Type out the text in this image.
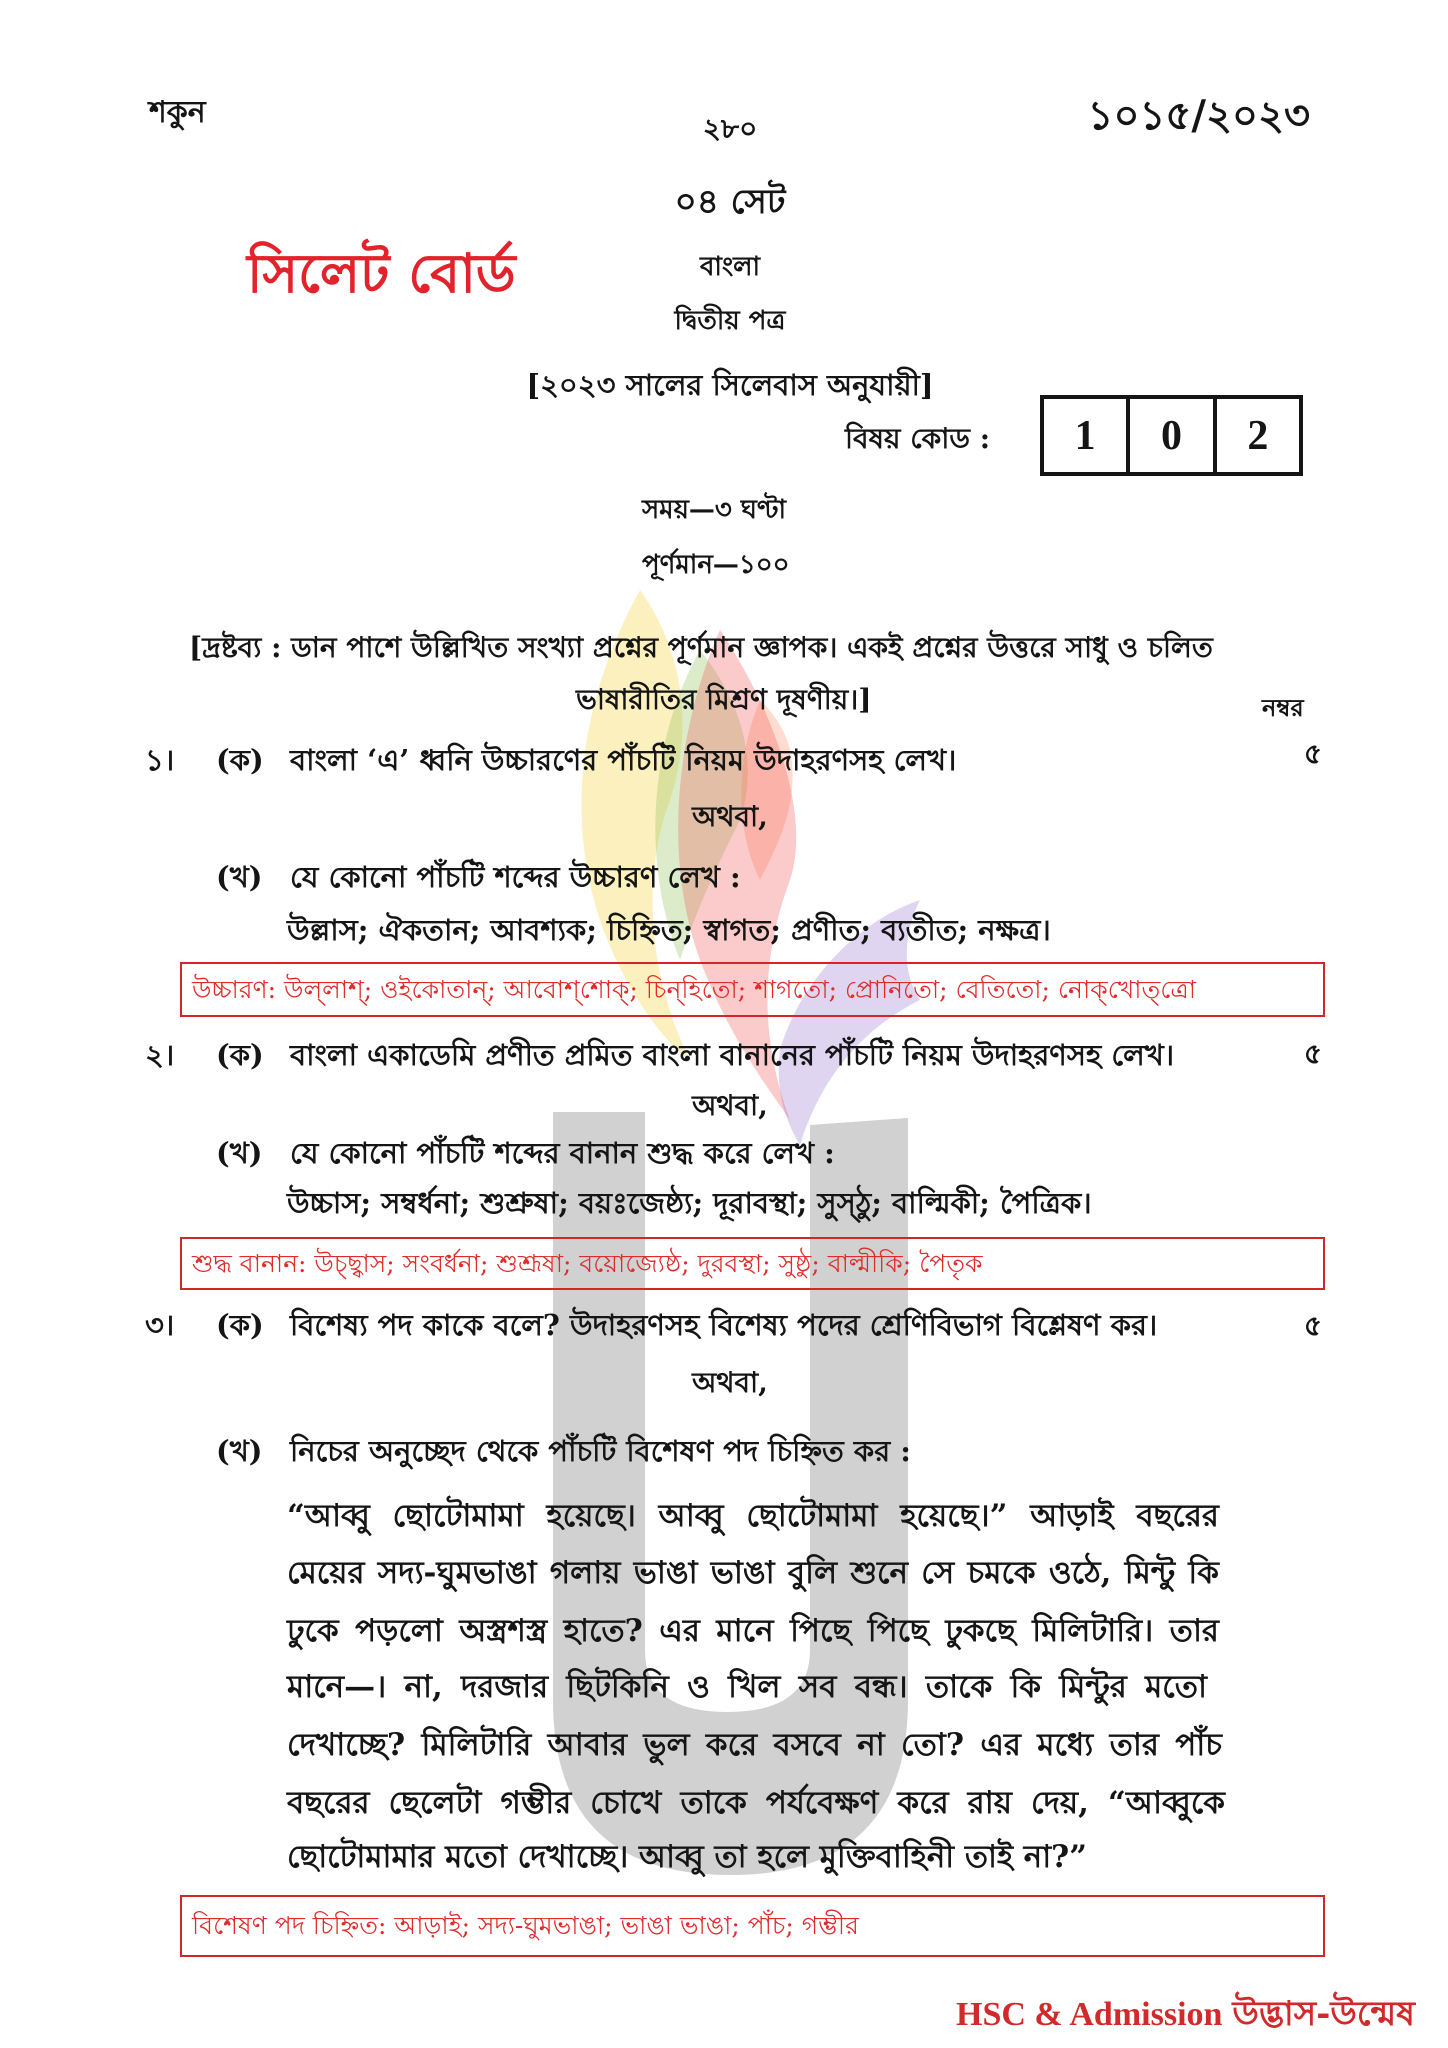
শকুন	২৮০	১০১৫/২০২৩
০৪ সেট
সিলেট বোর্ড	বাংলা
দ্বিতীয় পত্র
[২০২৩ সালের সিলেবাস অনুযায়ী]
বিষয় কোড :	1	0	2
সময়—৩ ঘণ্টা
পূর্ণমান—১০০
[দ্রষ্টব্য : ডান পাশে উল্লিখিত সংখ্যা প্রশ্নের পূর্ণমান জ্ঞাপক। একই প্রশ্নের উত্তরে সাধু ও চলিত
ভাষারীতির মিশ্রণ দূষণীয়।]	নম্বর
১।	(ক) বাংলা ‘এ’ ধ্বনি উচ্চারণের পাঁচটি নিয়ম উদাহরণসহ লেখ।	৫
অথবা,
(খ) যে কোনো পাঁচটি শব্দের উচ্চারণ লেখ :
উল্লাস; ঐকতান; আবশ্যক; চিহ্নিত; স্বাগত; প্রণীত; ব্যতীত; নক্ষত্র।
উচ্চারণ: উল্‌লাশ্‌; ওইকোতান্‌; আবোশ্‌শোক্‌; চিন্‌হিতো; শাগতো; প্রোনিতো; বেতিতো; নোক্‌খোত্‌ত্রো
২।	(ক) বাংলা একাডেমি প্রণীত প্রমিত বাংলা বানানের পাঁচটি নিয়ম উদাহরণসহ লেখ।	৫
অথবা,
(খ) যে কোনো পাঁচটি শব্দের বানান শুদ্ধ করে লেখ :
উচ্চাস; সম্বর্ধনা; শুশ্রুষা; বয়ঃজেষ্ঠ্য; দূরাবস্থা; সুস্ঠু; বাল্মিকী; পৈত্রিক।
শুদ্ধ বানান: উচ্ছ্বাস; সংবর্ধনা; শুশ্রূষা; বয়োজ্যেষ্ঠ; দুরবস্থা; সুষ্ঠু; বাল্মীকি; পৈতৃক
৩।	(ক) বিশেষ্য পদ কাকে বলে? উদাহরণসহ বিশেষ্য পদের শ্রেণিবিভাগ বিশ্লেষণ কর।	৫
অথবা,
(খ) নিচের অনুচ্ছেদ থেকে পাঁচটি বিশেষণ পদ চিহ্নিত কর :
“আব্বু ছোটোমামা হয়েছে। আব্বু ছোটোমামা হয়েছে।” আড়াই বছরের
মেয়ের সদ্য-ঘুমভাঙা গলায় ভাঙা ভাঙা বুলি শুনে সে চমকে ওঠে, মিন্টু কি
ঢুকে পড়লো অস্ত্রশস্ত্র হাতে? এর মানে পিছে পিছে ঢুকছে মিলিটারি। তার
মানে—। না, দরজার ছিটকিনি ও খিল সব বন্ধ। তাকে কি মিন্টুর মতো
দেখাচ্ছে? মিলিটারি আবার ভুল করে বসবে না তো? এর মধ্যে তার পাঁচ
বছরের ছেলেটা গম্ভীর চোখে তাকে পর্যবেক্ষণ করে রায় দেয়, “আব্বুকে
ছোটোমামার মতো দেখাচ্ছে। আব্বু তা হলে মুক্তিবাহিনী তাই না?”
বিশেষণ পদ চিহ্নিত: আড়াই; সদ্য-ঘুমভাঙা; ভাঙা ভাঙা; পাঁচ; গম্ভীর
HSC & Admission উদ্ভাস-উন্মেষ
